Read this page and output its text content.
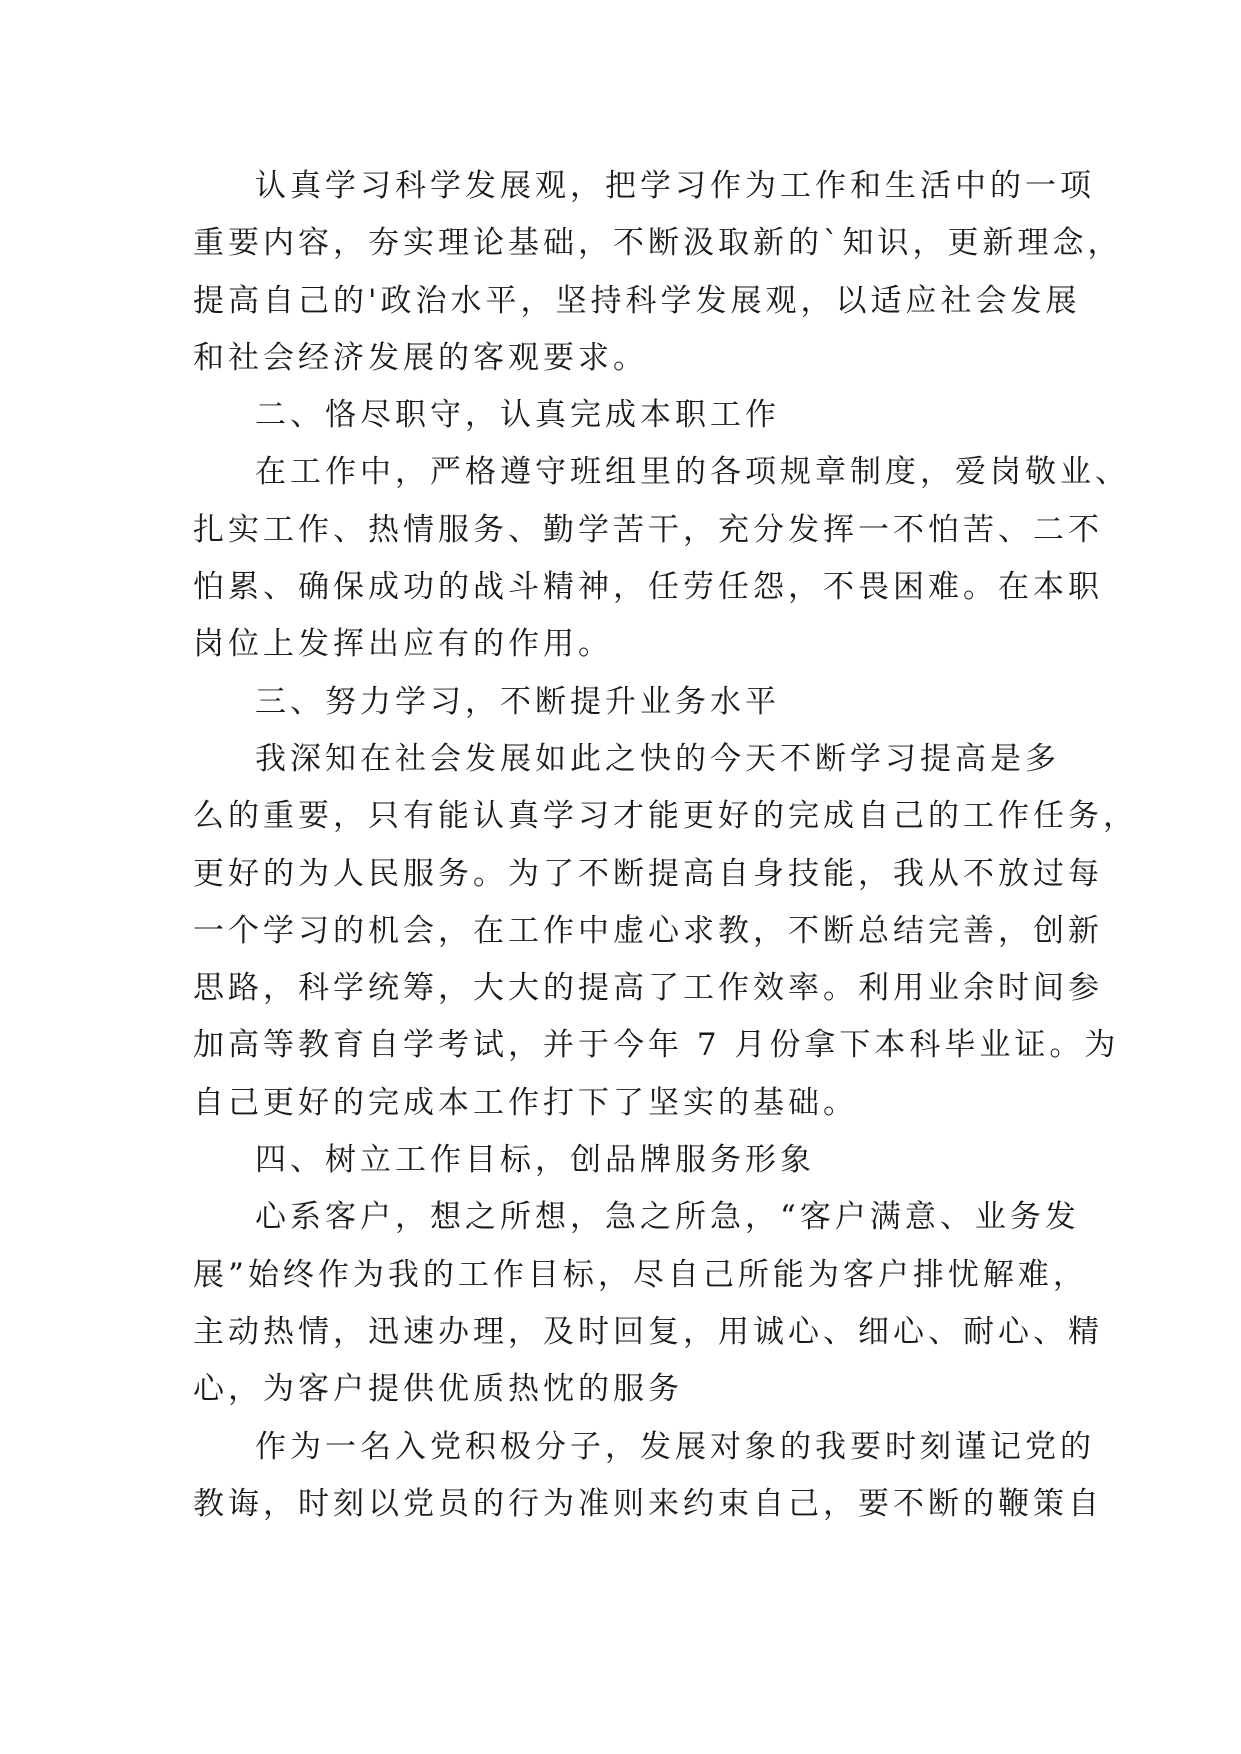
认真学习科学发展观，把学习作为工作和生活中的一项
重要内容，夯实理论基础，不断汲取新的`知识，更新理念，
提高自己的'政治水平，坚持科学发展观，以适应社会发展
和社会经济发展的客观要求。
二、恪尽职守，认真完成本职工作
在工作中，严格遵守班组里的各项规章制度，爱岗敬业、
扎实工作、热情服务、勤学苦干，充分发挥一不怕苦、二不
怕累、确保成功的战斗精神，任劳任怨，不畏困难。在本职
岗位上发挥出应有的作用。
三、努力学习，不断提升业务水平
我深知在社会发展如此之快的今天不断学习提高是多
么的重要，只有能认真学习才能更好的完成自己的工作任务，
更好的为人民服务。为了不断提高自身技能，我从不放过每
一个学习的机会，在工作中虚心求教，不断总结完善，创新
思路，科学统筹，大大的提高了工作效率。利用业余时间参
加高等教育自学考试，并于今年 7 月份拿下本科毕业证。为
自己更好的完成本工作打下了坚实的基础。
四、树立工作目标，创品牌服务形象
心系客户，想之所想，急之所急，“客户满意、业务发
展”始终作为我的工作目标，尽自己所能为客户排忧解难，
主动热情，迅速办理，及时回复，用诚心、细心、耐心、精
心，为客户提供优质热忱的服务
作为一名入党积极分子，发展对象的我要时刻谨记党的
教诲，时刻以党员的行为准则来约束自己，要不断的鞭策自
